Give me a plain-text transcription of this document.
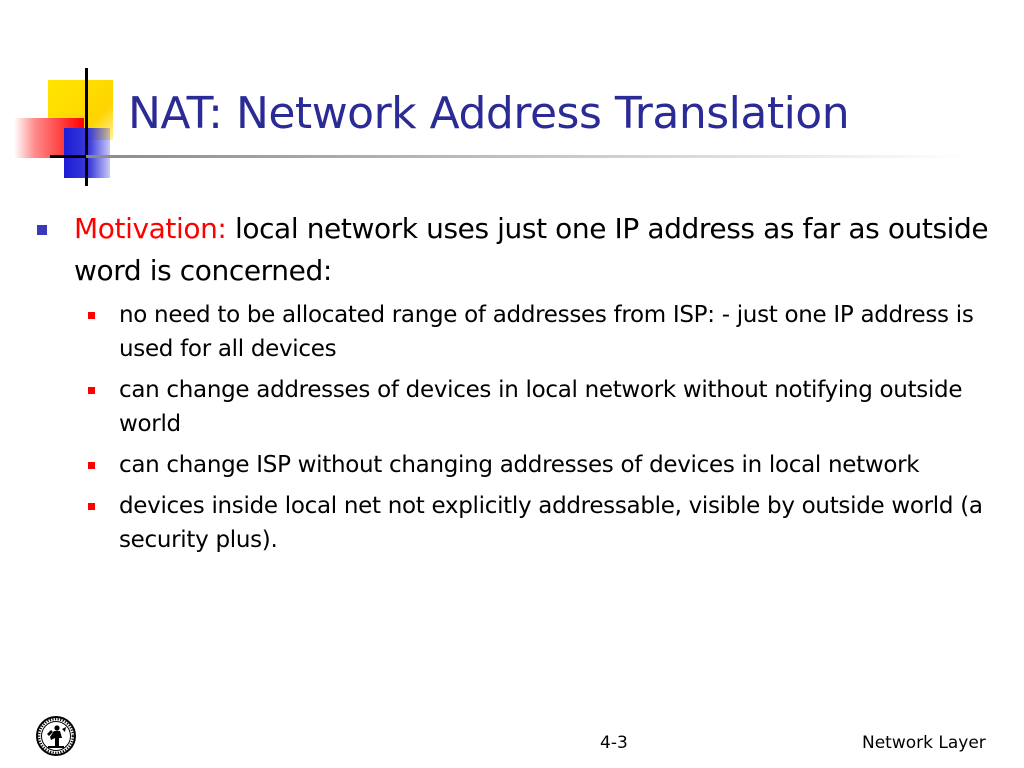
NAT: Network Address Translation
Motivation: local network uses just one IP address as far as outside word is concerned:
no need to be allocated range of addresses from ISP: - just one IP address is used for all devices
can change addresses of devices in local network without notifying outside world
can change ISP without changing addresses of devices in local network
devices inside local net not explicitly addressable, visible by outside world (a security plus).
4-3	Network Layer
